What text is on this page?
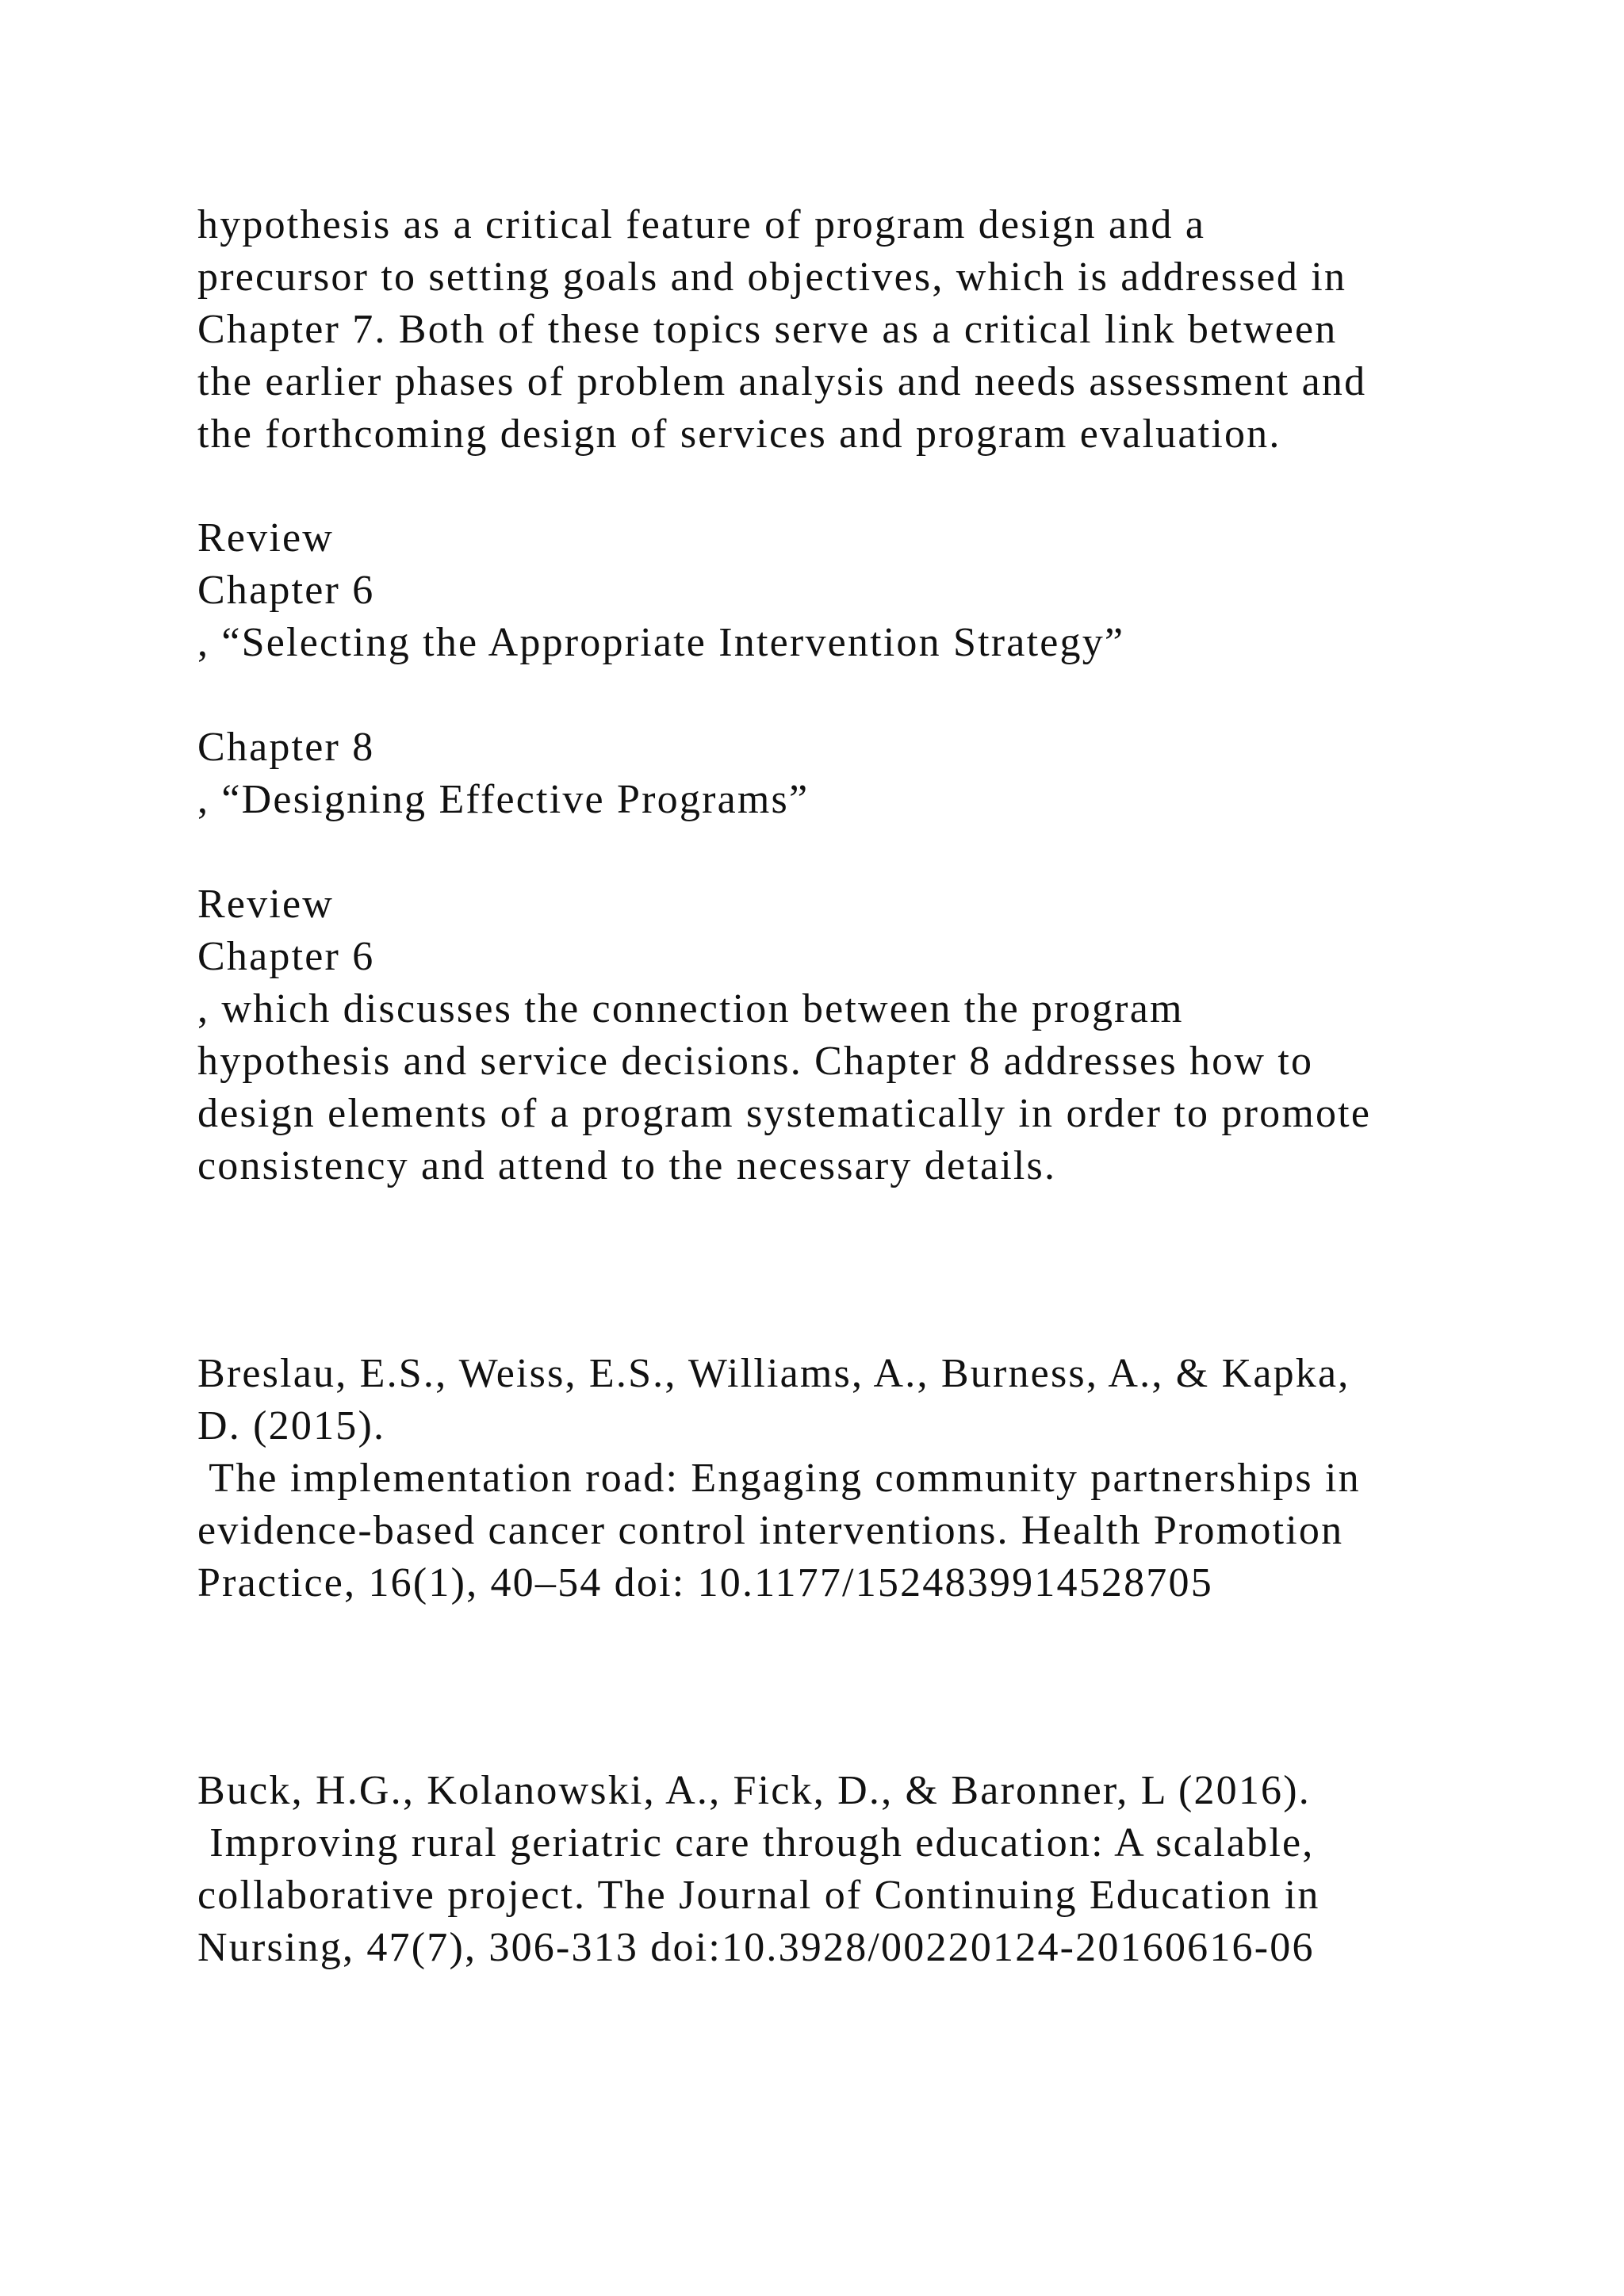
hypothesis as a critical feature of program design and a

precursor to setting goals and objectives, which is addressed in

Chapter 7. Both of these topics serve as a critical link between

the earlier phases of problem analysis and needs assessment and

the forthcoming design of services and program evaluation.

Review

Chapter 6

, “Selecting the Appropriate Intervention Strategy”

Chapter 8

, “Designing Effective Programs”

Review

Chapter 6

, which discusses the connection between the program

hypothesis and service decisions. Chapter 8 addresses how to

design elements of a program systematically in order to promote

consistency and attend to the necessary details.

Breslau, E.S., Weiss, E.S., Williams, A., Burness, A., & Kapka,

D. (2015).

The implementation road: Engaging community partnerships in

evidence-based cancer control interventions. Health Promotion

Practice, 16(1), 40–54 doi: 10.1177/1524839914528705

Buck, H.G., Kolanowski, A., Fick, D., & Baronner, L (2016).

Improving rural geriatric care through education: A scalable,

collaborative project. The Journal of Continuing Education in

Nursing, 47(7), 306-313 doi:10.3928/00220124-20160616-06
